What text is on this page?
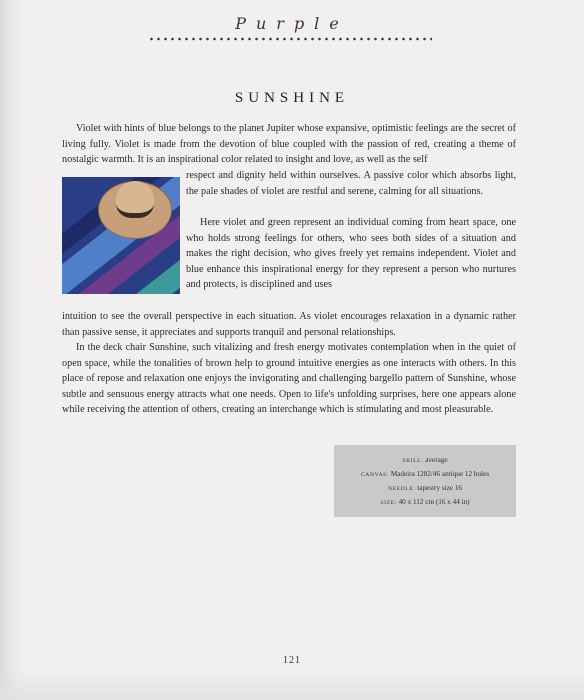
Purple
SUNSHINE

Violet with hints of blue belongs to the planet Jupiter whose expansive, optimistic feelings are the secret of living fully. Violet is made from the devotion of blue coupled with the passion of red, creating a theme of nostalgic warmth. It is an inspirational color related to insight and love, as well as the self

respect and dignity held within ourselves. A passive color which absorbs light, the pale shades of violet are restful and serene, calming for all situations.

Here violet and green represent an individual coming from heart space, one who holds strong feelings for others, who sees both sides of a situation and makes the right decision, who gives freely yet remains independent. Violet and blue enhance this inspirational energy for they represent a person who nurtures and protects, is disciplined and uses

intuition to see the overall perspective in each situation. As violet encourages relaxation in a dynamic rather than passive sense, it appreciates and supports tranquil and personal relationships.

In the deck chair Sunshine, such vitalizing and fresh energy motivates contemplation when in the quiet of open space, while the tonalities of brown help to ground intuitive energies as one interacts with others. In this place of repose and relaxation one enjoys the invigorating and challenging bargello pattern of Sunshine, whose subtle and sensuous energy attracts what one needs. Open to life's unfolding surprises, here one appears alone while receiving the attention of others, creating an interchange which is stimulating and most pleasurable.

SKILL: average
CANVAS: Madeira 1282/46 antique 12 holes
NEEDLE: tapestry size 16
SIZE: 40 x 112 cm (16 x 44 in)
121
